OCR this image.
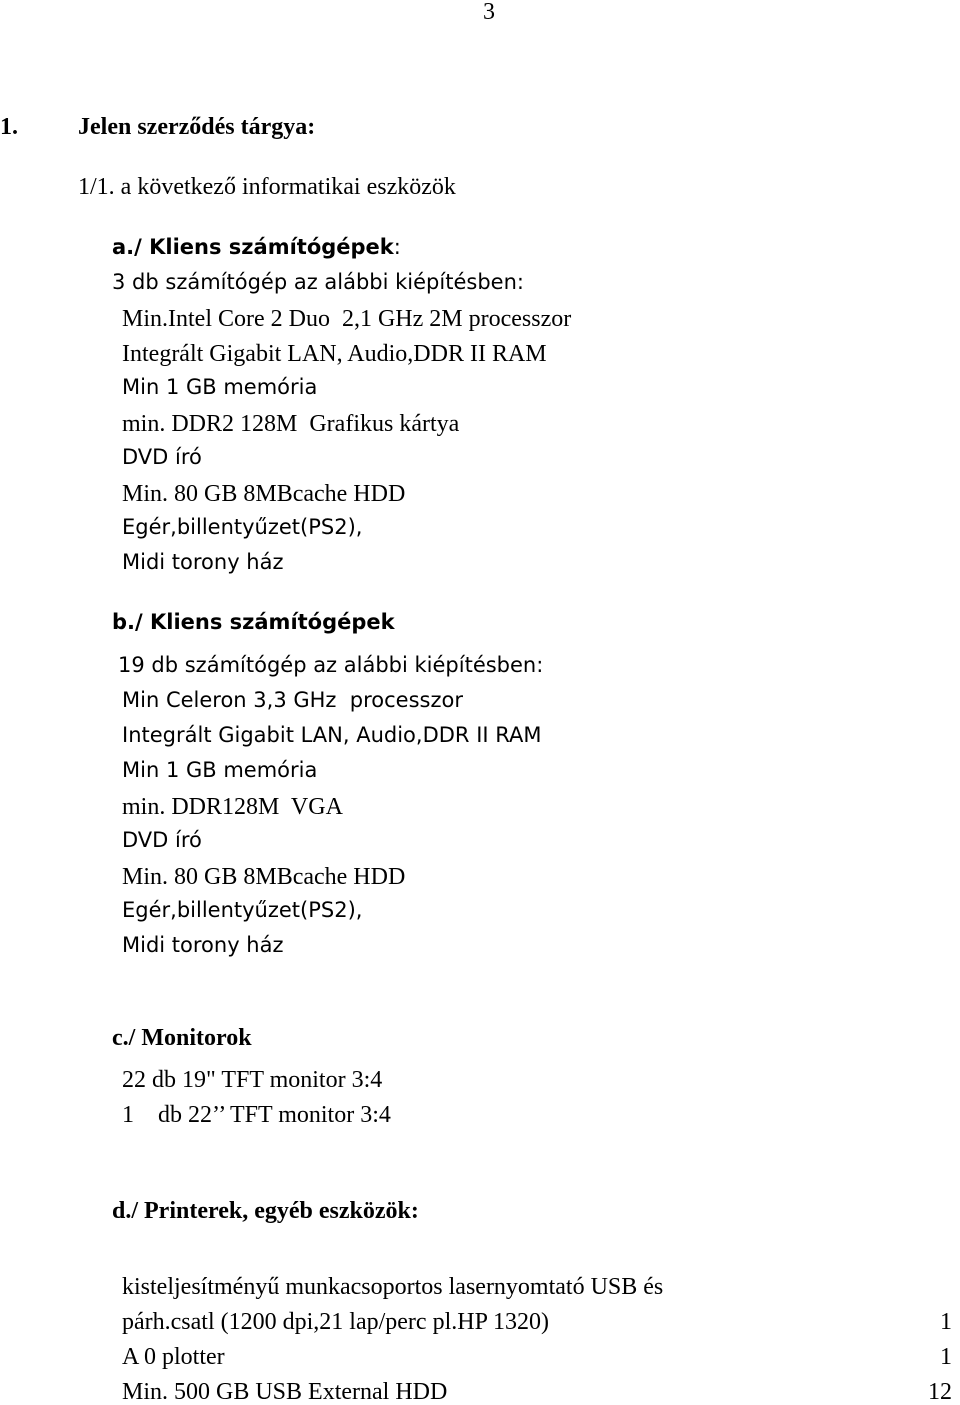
3
1.	Jelen szerződés tárgya:
1/1. a következő informatikai eszközök
a./ Kliens számítógépek:
3 db számítógép az alábbi kiépítésben:
Min.Intel Core 2 Duo  2,1 GHz 2M processzor
Integrált Gigabit LAN, Audio,DDR II RAM
Min 1 GB memória
min. DDR2 128M  Grafikus kártya
DVD író
Min. 80 GB 8MBcache HDD
Egér,billentyűzet(PS2),
Midi torony ház
b./ Kliens számítógépek
19 db számítógép az alábbi kiépítésben:
Min Celeron 3,3 GHz  processzor
Integrált Gigabit LAN, Audio,DDR II RAM
Min 1 GB memória
min. DDR128M  VGA
DVD író
Min. 80 GB 8MBcache HDD
Egér,billentyűzet(PS2),
Midi torony ház
c./ Monitorok
22 db 19" TFT monitor 3:4
1    db 22’’ TFT monitor 3:4
d./ Printerek, egyéb eszközök:
kisteljesítményű munkacsoportos lasernyomtató USB és
párh.csatl (1200 dpi,21 lap/perc pl.HP 1320)	1
A 0 plotter	1
Min. 500 GB USB External HDD	12
